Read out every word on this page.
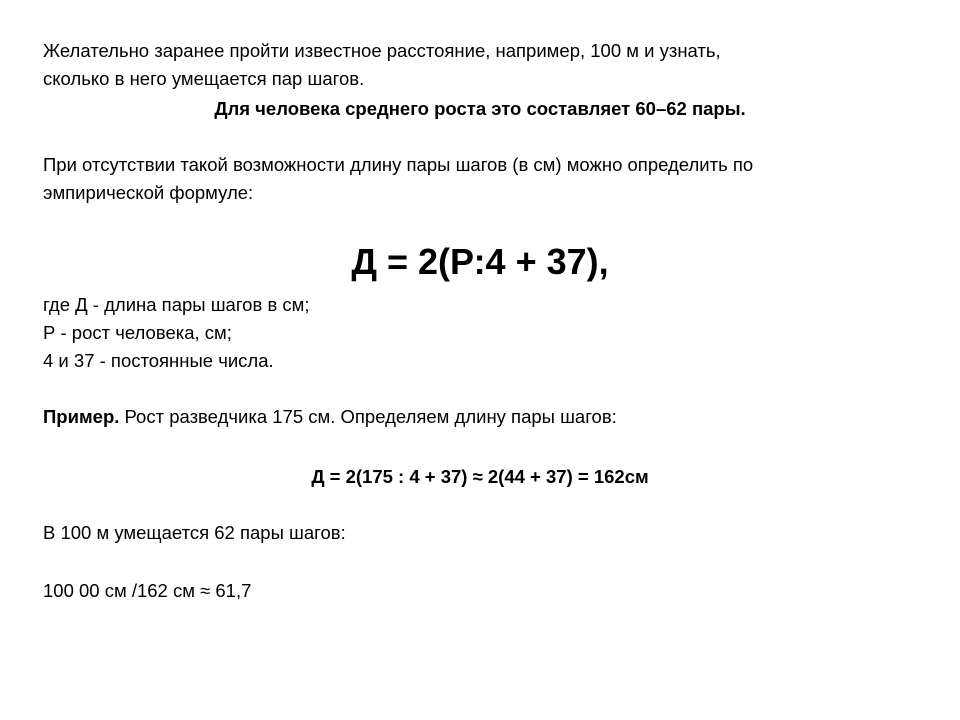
Желательно заранее пройти известное расстояние, например, 100 м и узнать,
сколько в него умещается пар шагов.
Для человека среднего роста это составляет 60–62 пары.
При отсутствии такой возможности длину пары шагов (в см) можно определить по
эмпирической формуле:
Д = 2(Р:4 + 37),
где Д - длина пары шагов в см;
Р - рост человека, см;
4 и 37 - постоянные числа.
Пример. Рост разведчика 175 см. Определяем длину пары шагов:
Д = 2(175 : 4 + 37) ≈ 2(44 + 37) = 162см
В 100 м умещается 62 пары шагов:
100 00 см /162 см ≈ 61,7
